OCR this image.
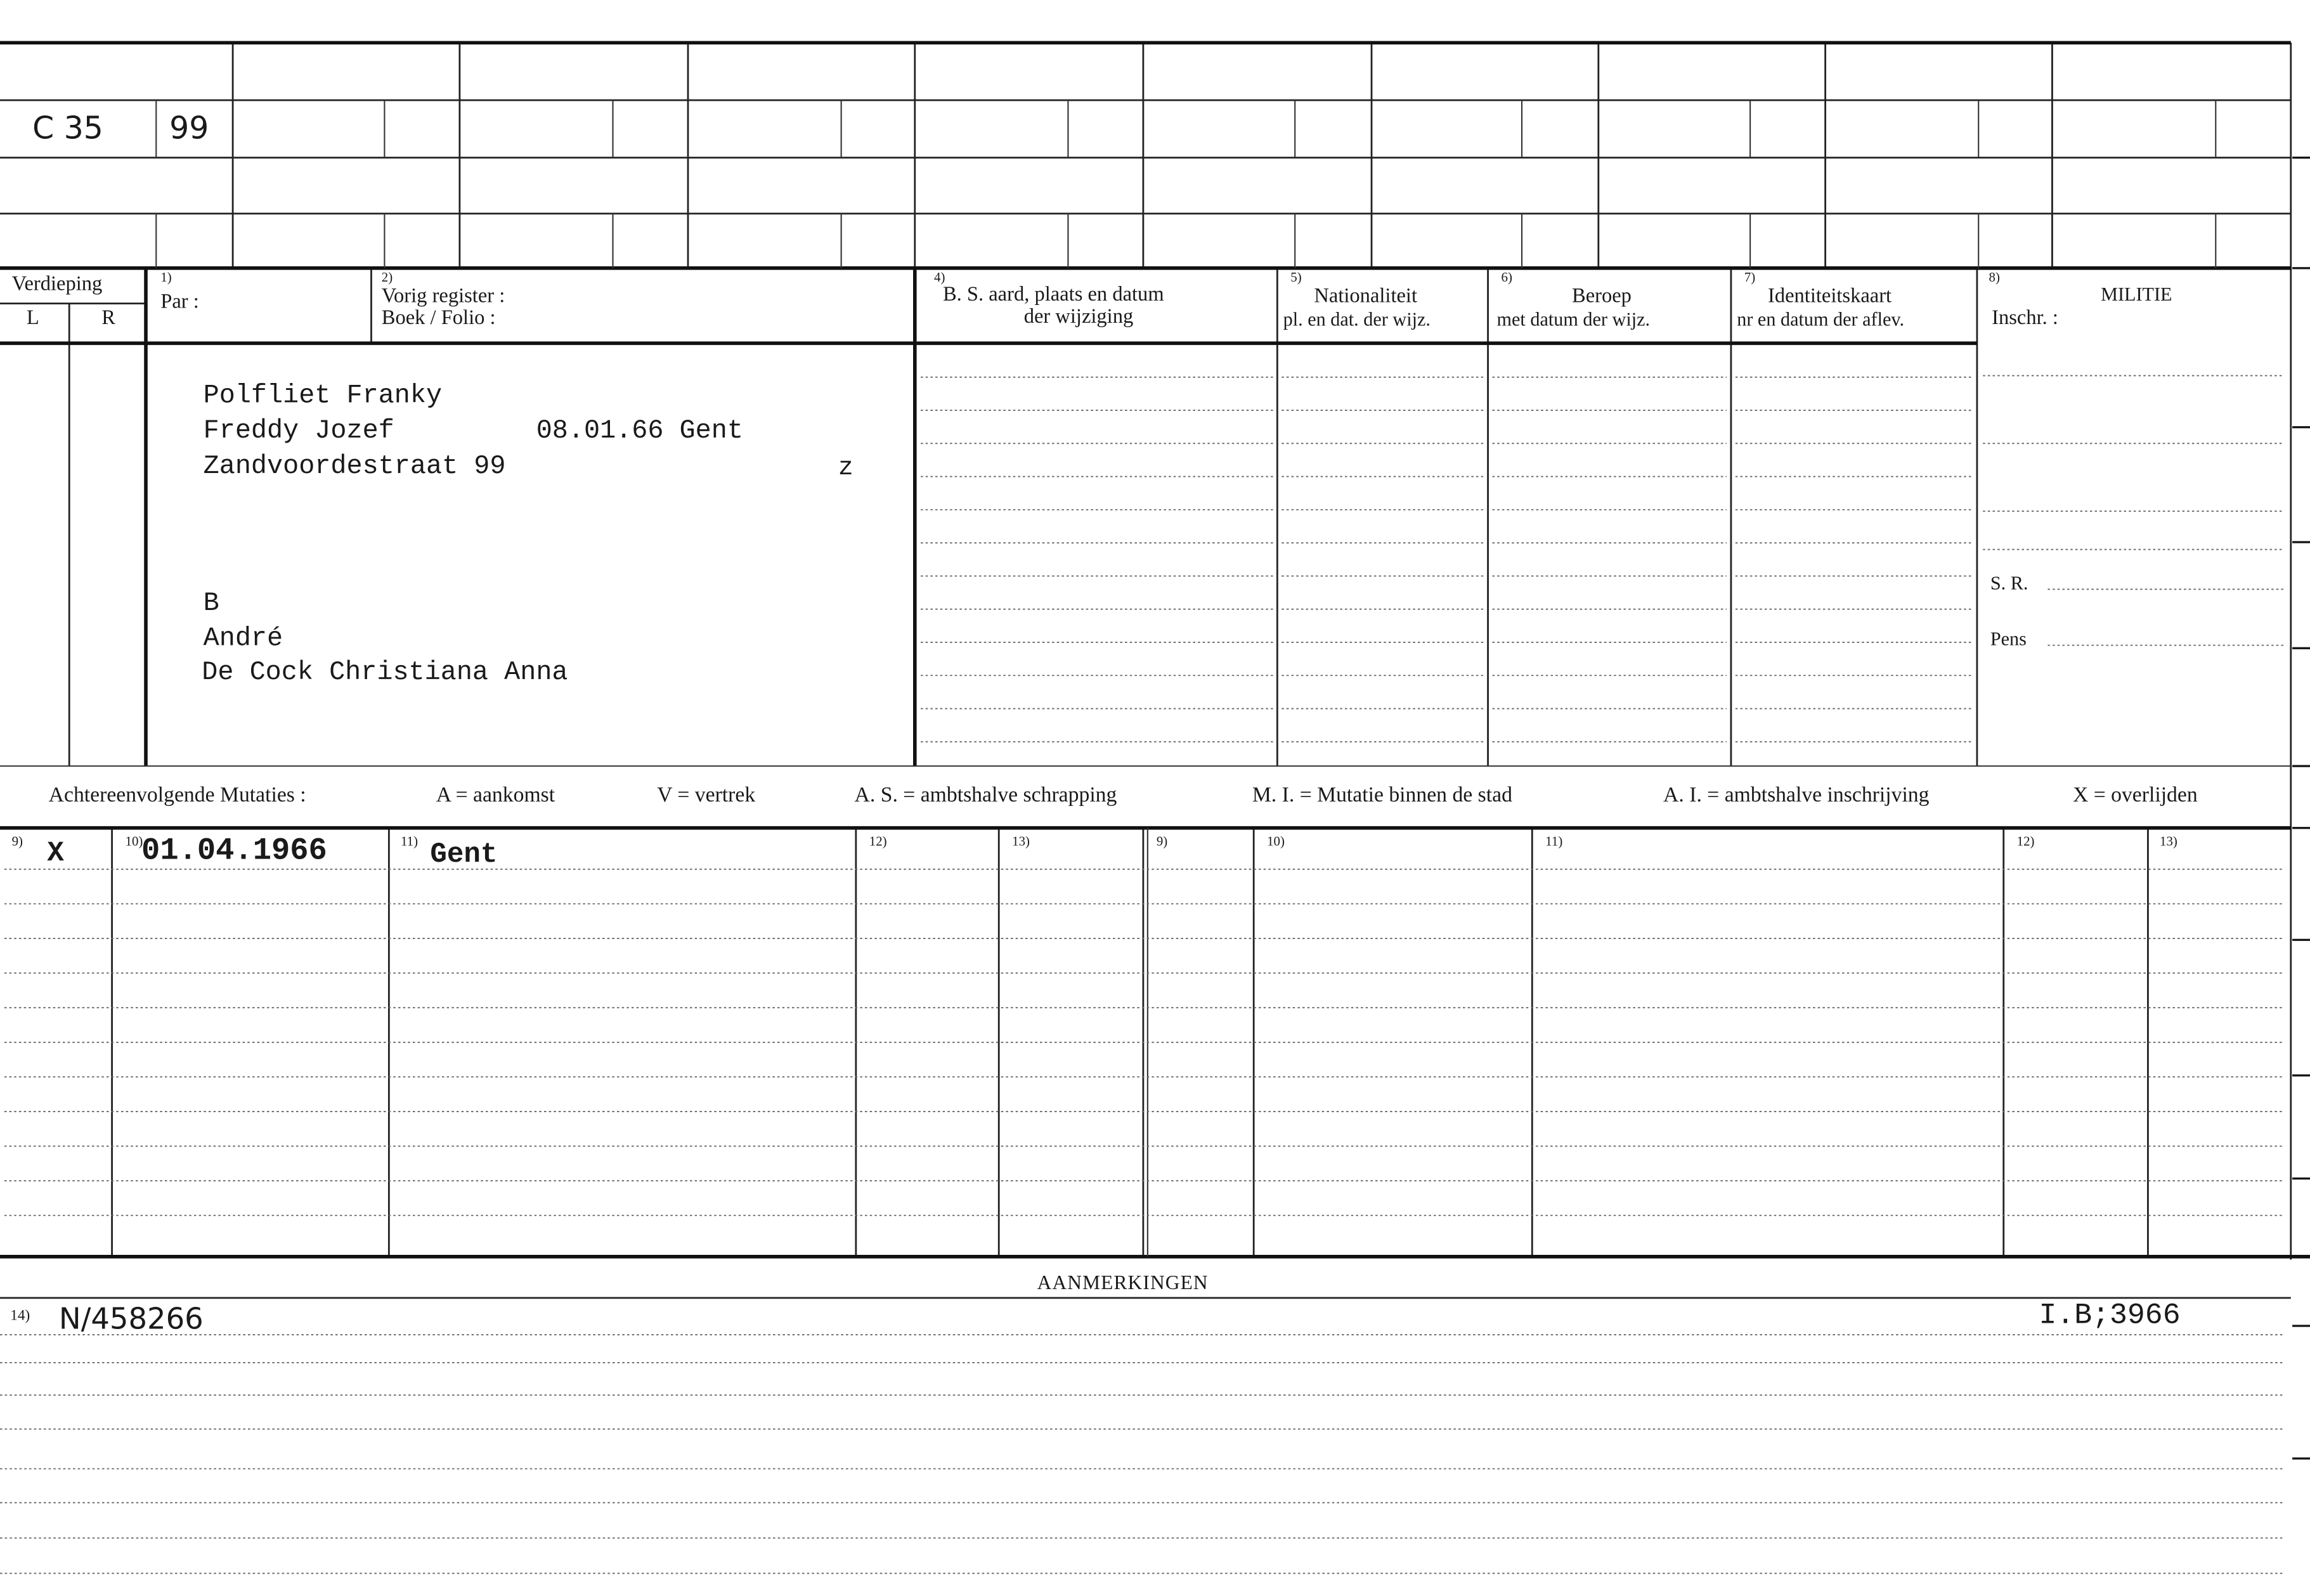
C 35	99
Verdieping
L	R
1)
Par :
2)
Vorig register :
Boek / Folio :
4)
B. S. aard, plaats en datum
der wijziging
5)
Nationaliteit
pl. en dat. der wijz.
6)
Beroep
met datum der wijz.
7)
Identiteitskaart
nr en datum der aflev.
8)
MILITIE
Inschr. :
S. R.
Pens
Polfliet Franky
Freddy Jozef	08.01.66 Gent
Zandvoordestraat 99	z
B
André
De Cock Christiana Anna
Achtereenvolgende Mutaties :	A = aankomst	V = vertrek	A. S. = ambtshalve schrapping	M. I. = Mutatie binnen de stad	A. I. = ambtshalve inschrijving	X = overlijden
9)	10)	11)	12)	13)	9)	10)	11)	12)	13)
X	01.04.1966	Gent
AANMERKINGEN
14) N/458266	I.B;3966
